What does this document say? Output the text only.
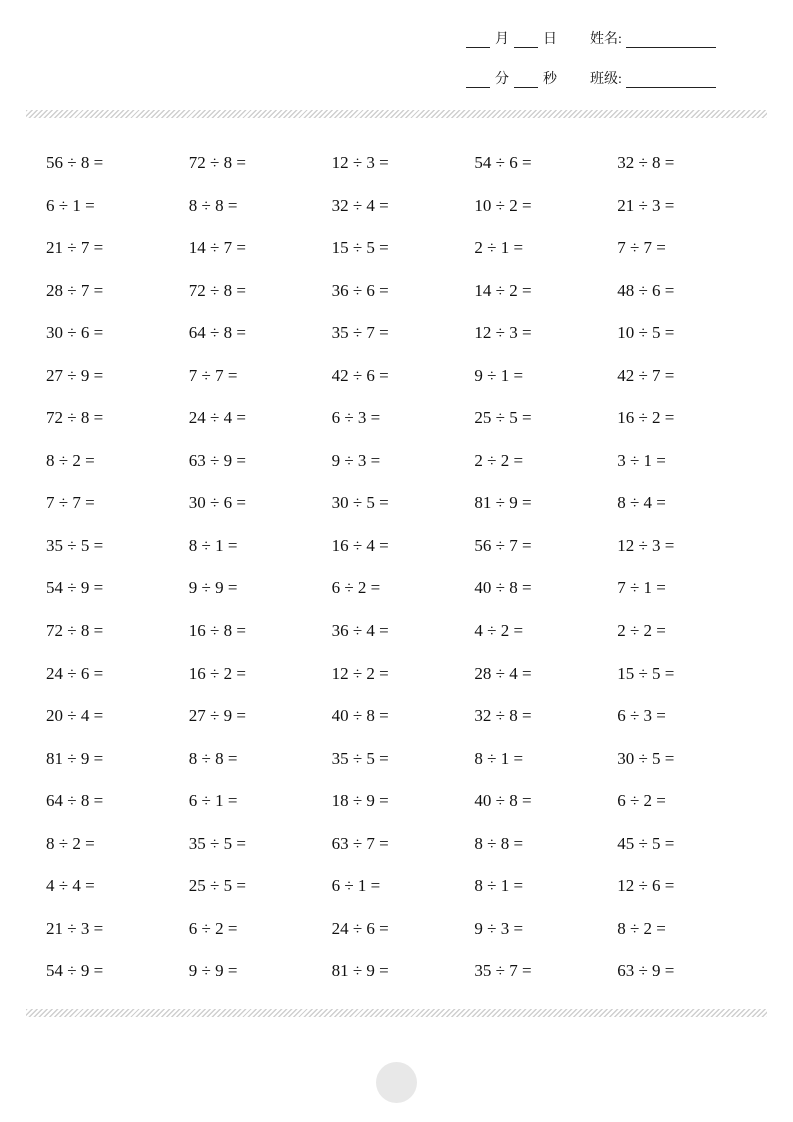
月 日 姓名:
分 秒 班级:
56 ÷ 8 =	72 ÷ 8 =	12 ÷ 3 =	54 ÷ 6 =	32 ÷ 8 =
6 ÷ 1 =	8 ÷ 8 =	32 ÷ 4 =	10 ÷ 2 =	21 ÷ 3 =
21 ÷ 7 =	14 ÷ 7 =	15 ÷ 5 =	2 ÷ 1 =	7 ÷ 7 =
28 ÷ 7 =	72 ÷ 8 =	36 ÷ 6 =	14 ÷ 2 =	48 ÷ 6 =
30 ÷ 6 =	64 ÷ 8 =	35 ÷ 7 =	12 ÷ 3 =	10 ÷ 5 =
27 ÷ 9 =	7 ÷ 7 =	42 ÷ 6 =	9 ÷ 1 =	42 ÷ 7 =
72 ÷ 8 =	24 ÷ 4 =	6 ÷ 3 =	25 ÷ 5 =	16 ÷ 2 =
8 ÷ 2 =	63 ÷ 9 =	9 ÷ 3 =	2 ÷ 2 =	3 ÷ 1 =
7 ÷ 7 =	30 ÷ 6 =	30 ÷ 5 =	81 ÷ 9 =	8 ÷ 4 =
35 ÷ 5 =	8 ÷ 1 =	16 ÷ 4 =	56 ÷ 7 =	12 ÷ 3 =
54 ÷ 9 =	9 ÷ 9 =	6 ÷ 2 =	40 ÷ 8 =	7 ÷ 1 =
72 ÷ 8 =	16 ÷ 8 =	36 ÷ 4 =	4 ÷ 2 =	2 ÷ 2 =
24 ÷ 6 =	16 ÷ 2 =	12 ÷ 2 =	28 ÷ 4 =	15 ÷ 5 =
20 ÷ 4 =	27 ÷ 9 =	40 ÷ 8 =	32 ÷ 8 =	6 ÷ 3 =
81 ÷ 9 =	8 ÷ 8 =	35 ÷ 5 =	8 ÷ 1 =	30 ÷ 5 =
64 ÷ 8 =	6 ÷ 1 =	18 ÷ 9 =	40 ÷ 8 =	6 ÷ 2 =
8 ÷ 2 =	35 ÷ 5 =	63 ÷ 7 =	8 ÷ 8 =	45 ÷ 5 =
4 ÷ 4 =	25 ÷ 5 =	6 ÷ 1 =	8 ÷ 1 =	12 ÷ 6 =
21 ÷ 3 =	6 ÷ 2 =	24 ÷ 6 =	9 ÷ 3 =	8 ÷ 2 =
54 ÷ 9 =	9 ÷ 9 =	81 ÷ 9 =	35 ÷ 7 =	63 ÷ 9 =
